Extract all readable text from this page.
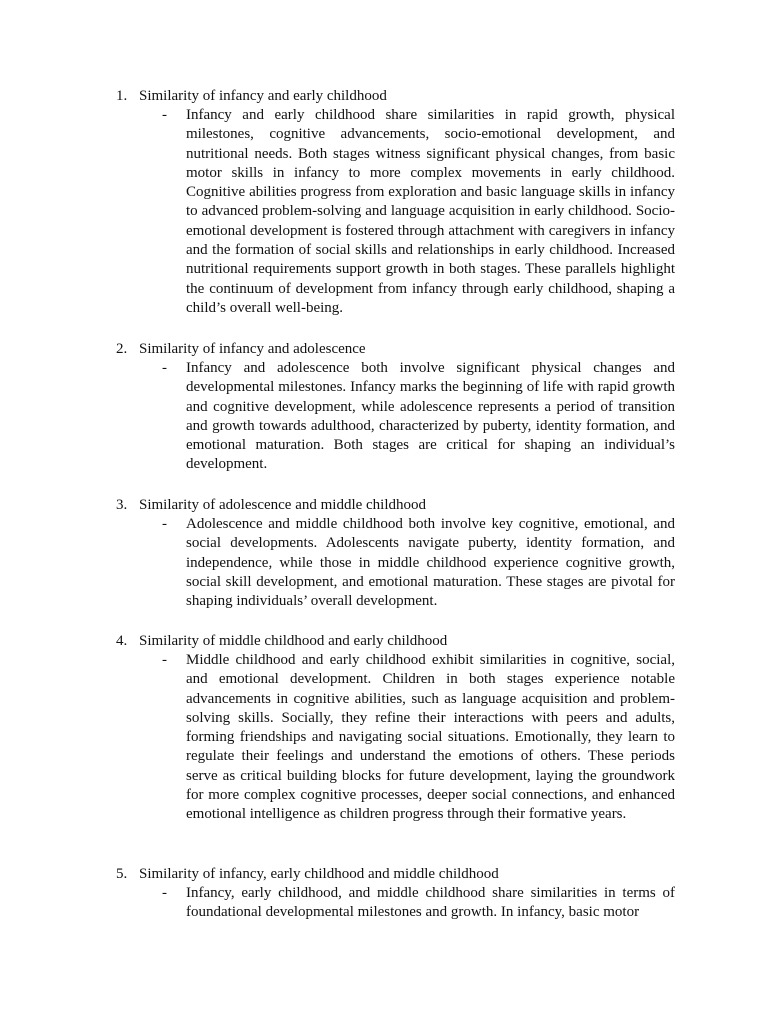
1. Similarity of infancy and early childhood
- Infancy and early childhood share similarities in rapid growth, physical milestones, cognitive advancements, socio-emotional development, and nutritional needs. Both stages witness significant physical changes, from basic motor skills in infancy to more complex movements in early childhood. Cognitive abilities progress from exploration and basic language skills in infancy to advanced problem-solving and language acquisition in early childhood. Socio-emotional development is fostered through attachment with caregivers in infancy and the formation of social skills and relationships in early childhood. Increased nutritional requirements support growth in both stages. These parallels highlight the continuum of development from infancy through early childhood, shaping a child’s overall well-being.

2. Similarity of infancy and adolescence
- Infancy and adolescence both involve significant physical changes and developmental milestones. Infancy marks the beginning of life with rapid growth and cognitive development, while adolescence represents a period of transition and growth towards adulthood, characterized by puberty, identity formation, and emotional maturation. Both stages are critical for shaping an individual’s development.

3. Similarity of adolescence and middle childhood
- Adolescence and middle childhood both involve key cognitive, emotional, and social developments. Adolescents navigate puberty, identity formation, and independence, while those in middle childhood experience cognitive growth, social skill development, and emotional maturation. These stages are pivotal for shaping individuals’ overall development.

4. Similarity of middle childhood and early childhood
- Middle childhood and early childhood exhibit similarities in cognitive, social, and emotional development. Children in both stages experience notable advancements in cognitive abilities, such as language acquisition and problem-solving skills. Socially, they refine their interactions with peers and adults, forming friendships and navigating social situations. Emotionally, they learn to regulate their feelings and understand the emotions of others. These periods serve as critical building blocks for future development, laying the groundwork for more complex cognitive processes, deeper social connections, and enhanced emotional intelligence as children progress through their formative years.

5. Similarity of infancy, early childhood and middle childhood
- Infancy, early childhood, and middle childhood share similarities in terms of foundational developmental milestones and growth. In infancy, basic motor
